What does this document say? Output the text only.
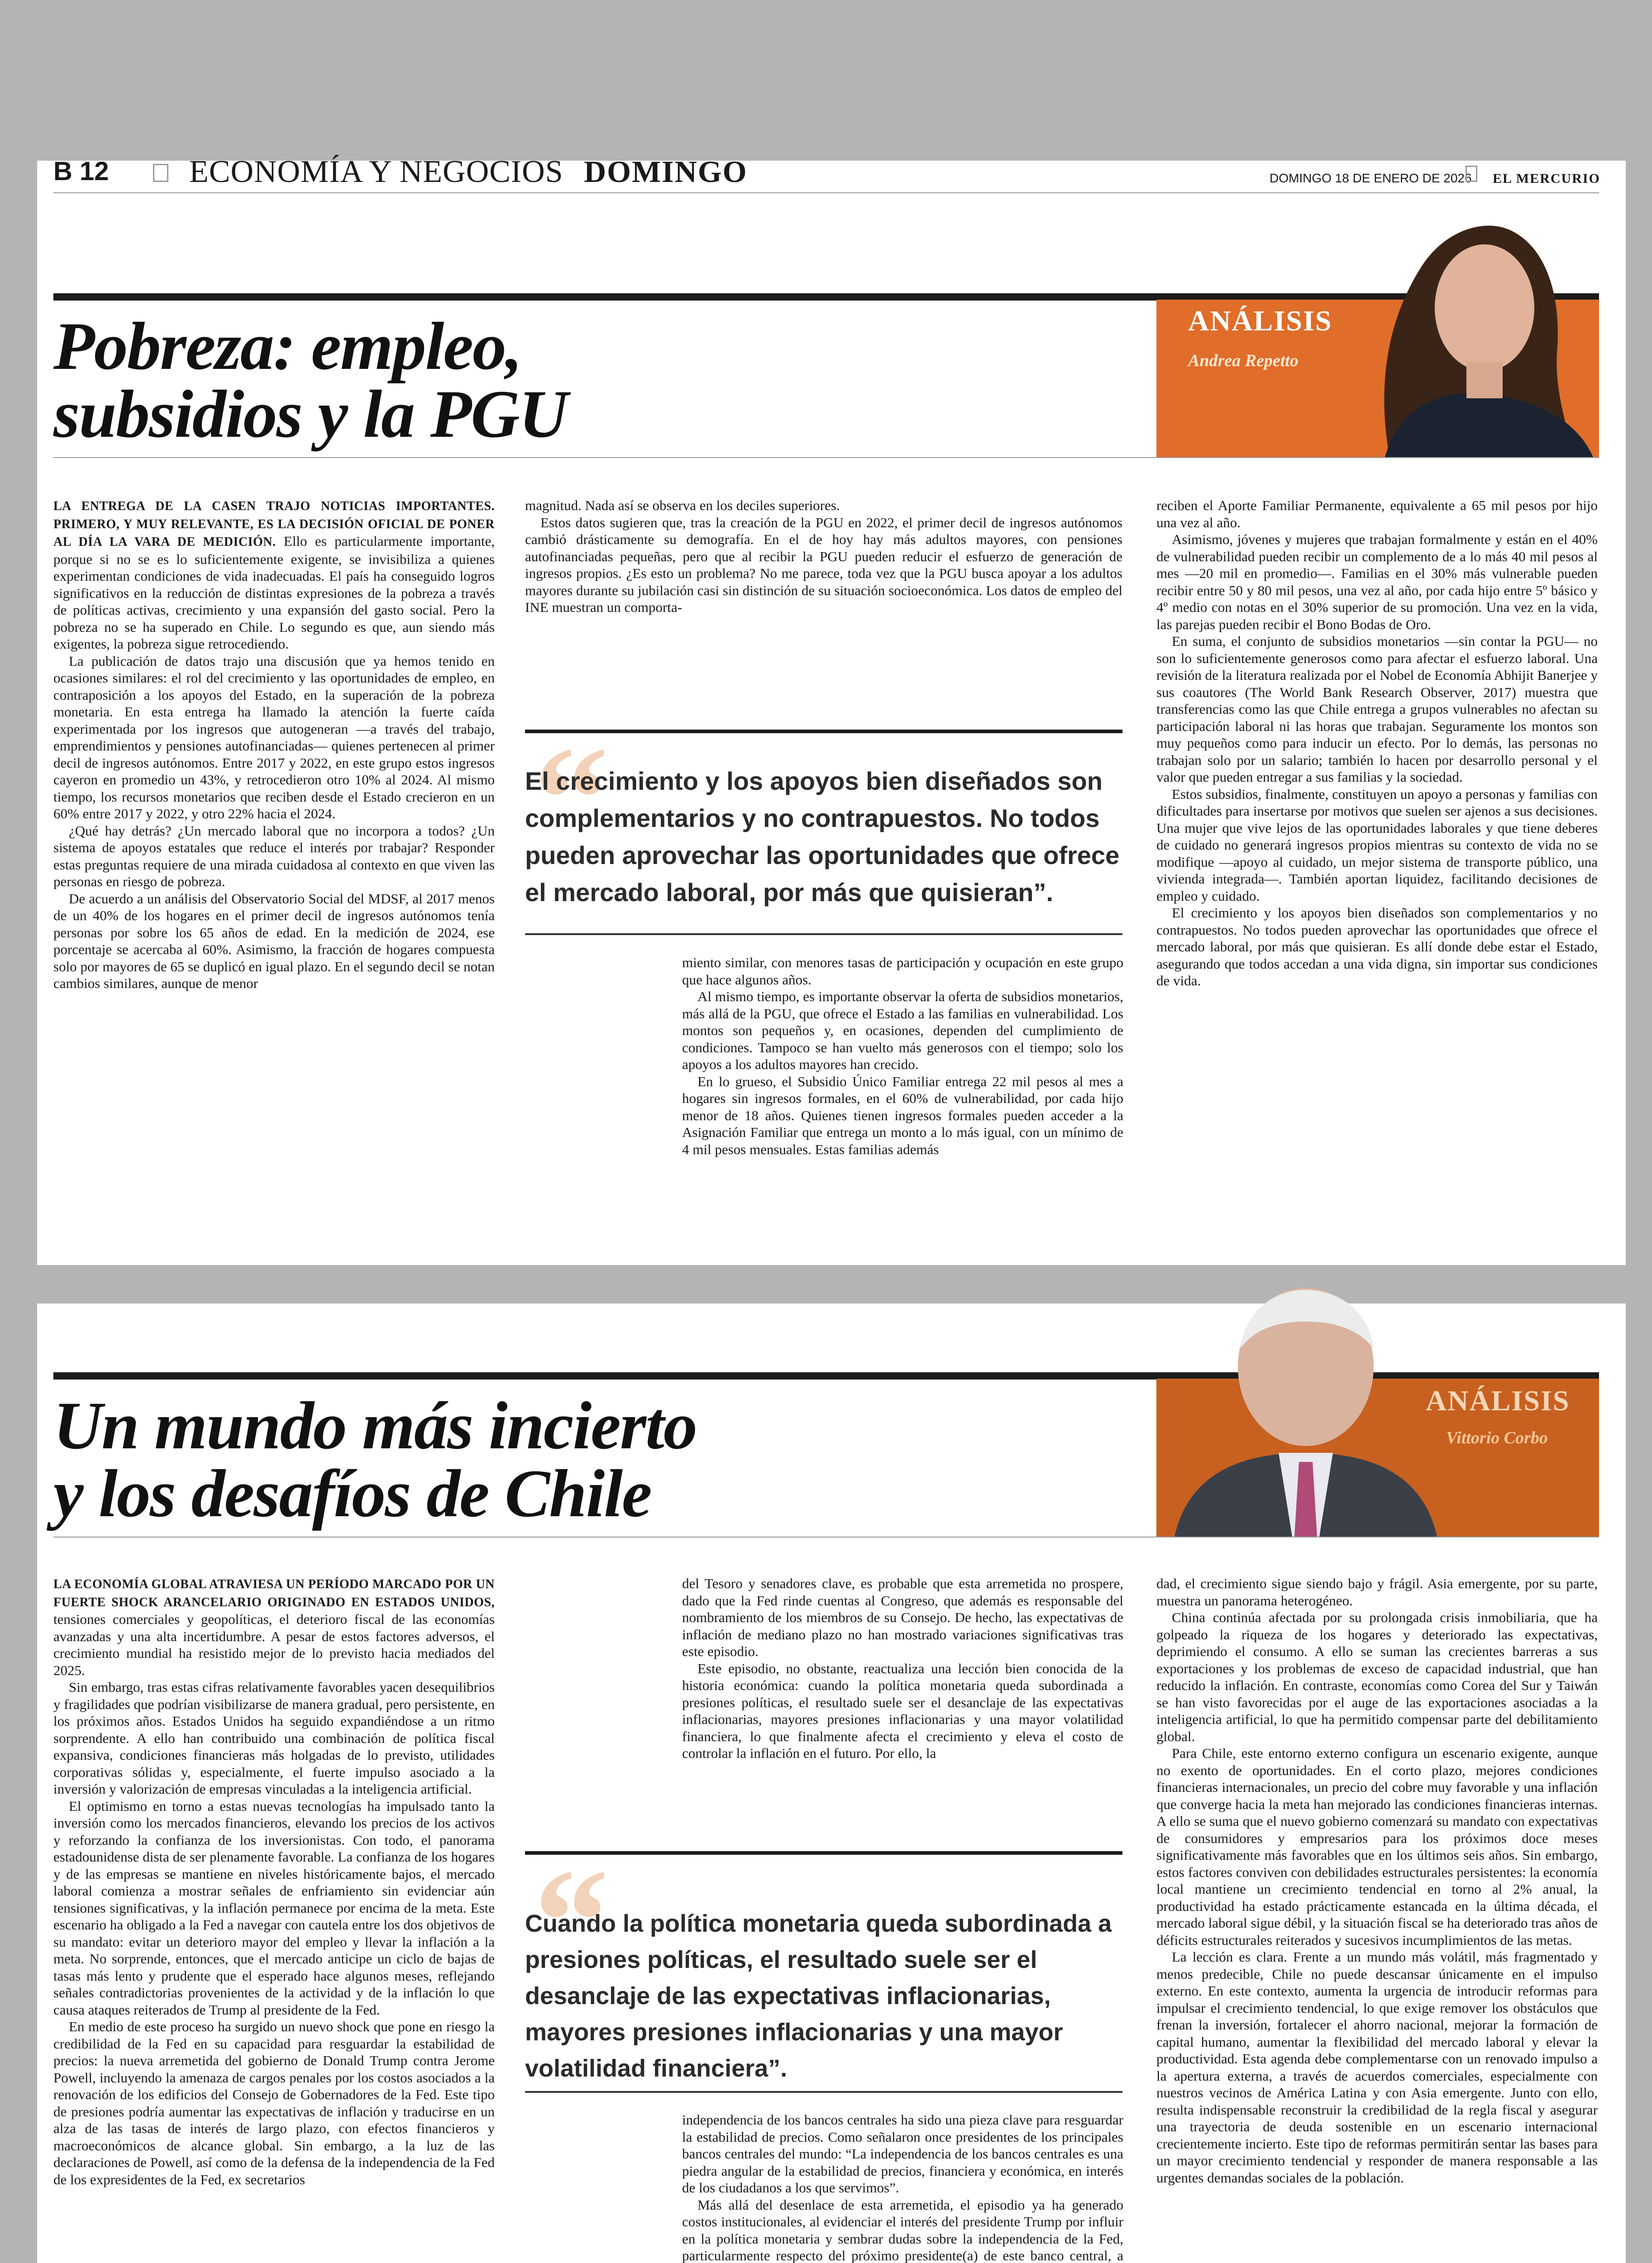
B 12	ECONOMÍA Y NEGOCIOS DOMINGO	DOMINGO 18 DE ENERO DE 2026 EL MERCURIO
Pobreza: empleo,
subsidios y la PGU
ANÁLISIS
Andrea Repetto

LA ENTREGA DE LA CASEN TRAJO NOTICIAS IMPORTANTES. PRIMERO, Y MUY RELEVANTE, ES LA DECISIÓN OFICIAL DE PONER AL DÍA LA VARA DE MEDICIÓN. Ello es particularmente importante, porque si no se es lo suficientemente exigente, se invisibiliza a quienes experimentan condiciones de vida inadecuadas. El país ha conseguido logros significativos en la reducción de distintas expresiones de la pobreza a través de políticas activas, crecimiento y una expansión del gasto social. Pero la pobreza no se ha superado en Chile. Lo segundo es que, aun siendo más exigentes, la pobreza sigue retrocediendo.

La publicación de datos trajo una discusión que ya hemos tenido en ocasiones similares: el rol del crecimiento y las oportunidades de empleo, en contraposición a los apoyos del Estado, en la superación de la pobreza monetaria. En esta entrega ha llamado la atención la fuerte caída experimentada por los ingresos que autogeneran —a través del trabajo, emprendimientos y pensiones autofinanciadas— quienes pertenecen al primer decil de ingresos autónomos. Entre 2017 y 2022, en este grupo estos ingresos cayeron en promedio un 43%, y retrocedieron otro 10% al 2024. Al mismo tiempo, los recursos monetarios que reciben desde el Estado crecieron en un 60% entre 2017 y 2022, y otro 22% hacia el 2024.

¿Qué hay detrás? ¿Un mercado laboral que no incorpora a todos? ¿Un sistema de apoyos estatales que reduce el interés por trabajar? Responder estas preguntas requiere de una mirada cuidadosa al contexto en que viven las personas en riesgo de pobreza.

De acuerdo a un análisis del Observatorio Social del MDSF, al 2017 menos de un 40% de los hogares en el primer decil de ingresos autónomos tenía personas por sobre los 65 años de edad. En la medición de 2024, ese porcentaje se acercaba al 60%. Asimismo, la fracción de hogares compuesta solo por mayores de 65 se duplicó en igual plazo. En el segundo decil se notan cambios similares, aunque de menor

magnitud. Nada así se observa en los deciles superiores.

Estos datos sugieren que, tras la creación de la PGU en 2022, el primer decil de ingresos autónomos cambió drásticamente su demografía. En el de hoy hay más adultos mayores, con pensiones autofinanciadas pequeñas, pero que al recibir la PGU pueden reducir el esfuerzo de generación de ingresos propios. ¿Es esto un problema? No me parece, toda vez que la PGU busca apoyar a los adultos mayores durante su jubilación casi sin distinción de su situación socioeconómica. Los datos de empleo del INE muestran un comporta-

“
El crecimiento y los apoyos bien diseñados son complementarios y no contrapuestos. No todos pueden aprovechar las oportunidades que ofrece el mercado laboral, por más que quisieran”.

miento similar, con menores tasas de participación y ocupación en este grupo que hace algunos años.

Al mismo tiempo, es importante observar la oferta de subsidios monetarios, más allá de la PGU, que ofrece el Estado a las familias en vulnerabilidad. Los montos son pequeños y, en ocasiones, dependen del cumplimiento de condiciones. Tampoco se han vuelto más generosos con el tiempo; solo los apoyos a los adultos mayores han crecido.

En lo grueso, el Subsidio Único Familiar entrega 22 mil pesos al mes a hogares sin ingresos formales, en el 60% de vulnerabilidad, por cada hijo menor de 18 años. Quienes tienen ingresos formales pueden acceder a la Asignación Familiar que entrega un monto a lo más igual, con un mínimo de 4 mil pesos mensuales. Estas familias además

reciben el Aporte Familiar Permanente, equivalente a 65 mil pesos por hijo una vez al año.

Asimismo, jóvenes y mujeres que trabajan formalmente y están en el 40% de vulnerabilidad pueden recibir un complemento de a lo más 40 mil pesos al mes —20 mil en promedio—. Familias en el 30% más vulnerable pueden recibir entre 50 y 80 mil pesos, una vez al año, por cada hijo entre 5º básico y 4º medio con notas en el 30% superior de su promoción. Una vez en la vida, las parejas pueden recibir el Bono Bodas de Oro.

En suma, el conjunto de subsidios monetarios —sin contar la PGU— no son lo suficientemente generosos como para afectar el esfuerzo laboral. Una revisión de la literatura realizada por el Nobel de Economía Abhijit Banerjee y sus coautores (The World Bank Research Observer, 2017) muestra que transferencias como las que Chile entrega a grupos vulnerables no afectan su participación laboral ni las horas que trabajan. Seguramente los montos son muy pequeños como para inducir un efecto. Por lo demás, las personas no trabajan solo por un salario; también lo hacen por desarrollo personal y el valor que pueden entregar a sus familias y la sociedad.

Estos subsidios, finalmente, constituyen un apoyo a personas y familias con dificultades para insertarse por motivos que suelen ser ajenos a sus decisiones. Una mujer que vive lejos de las oportunidades laborales y que tiene deberes de cuidado no generará ingresos propios mientras su contexto de vida no se modifique —apoyo al cuidado, un mejor sistema de transporte público, una vivienda integrada—. También aportan liquidez, facilitando decisiones de empleo y cuidado.

El crecimiento y los apoyos bien diseñados son complementarios y no contrapuestos. No todos pueden aprovechar las oportunidades que ofrece el mercado laboral, por más que quisieran. Es allí donde debe estar el Estado, asegurando que todos accedan a una vida digna, sin importar sus condiciones de vida.

Un mundo más incierto
y los desafíos de Chile
ANÁLISIS
Vittorio Corbo

LA ECONOMÍA GLOBAL ATRAVIESA UN PERÍODO MARCADO POR UN FUERTE SHOCK ARANCELARIO ORIGINADO EN ESTADOS UNIDOS, tensiones comerciales y geopolíticas, el deterioro fiscal de las economías avanzadas y una alta incertidumbre. A pesar de estos factores adversos, el crecimiento mundial ha resistido mejor de lo previsto hacia mediados del 2025.

Sin embargo, tras estas cifras relativamente favorables yacen desequilibrios y fragilidades que podrían visibilizarse de manera gradual, pero persistente, en los próximos años. Estados Unidos ha seguido expandiéndose a un ritmo sorprendente. A ello han contribuido una combinación de política fiscal expansiva, condiciones financieras más holgadas de lo previsto, utilidades corporativas sólidas y, especialmente, el fuerte impulso asociado a la inversión y valorización de empresas vinculadas a la inteligencia artificial.

El optimismo en torno a estas nuevas tecnologías ha impulsado tanto la inversión como los mercados financieros, elevando los precios de los activos y reforzando la confianza de los inversionistas. Con todo, el panorama estadounidense dista de ser plenamente favorable. La confianza de los hogares y de las empresas se mantiene en niveles históricamente bajos, el mercado laboral comienza a mostrar señales de enfriamiento sin evidenciar aún tensiones significativas, y la inflación permanece por encima de la meta. Este escenario ha obligado a la Fed a navegar con cautela entre los dos objetivos de su mandato: evitar un deterioro mayor del empleo y llevar la inflación a la meta. No sorprende, entonces, que el mercado anticipe un ciclo de bajas de tasas más lento y prudente que el esperado hace algunos meses, reflejando señales contradictorias provenientes de la actividad y de la inflación lo que causa ataques reiterados de Trump al presidente de la Fed.

En medio de este proceso ha surgido un nuevo shock que pone en riesgo la credibilidad de la Fed en su capacidad para resguardar la estabilidad de precios: la nueva arremetida del gobierno de Donald Trump contra Jerome Powell, incluyendo la amenaza de cargos penales por los costos asociados a la renovación de los edificios del Consejo de Gobernadores de la Fed. Este tipo de presiones podría aumentar las expectativas de inflación y traducirse en un alza de las tasas de interés de largo plazo, con efectos financieros y macroeconómicos de alcance global. Sin embargo, a la luz de las declaraciones de Powell, así como de la defensa de la independencia de la Fed de los expresidentes de la Fed, ex secretarios

del Tesoro y senadores clave, es probable que esta arremetida no prospere, dado que la Fed rinde cuentas al Congreso, que además es responsable del nombramiento de los miembros de su Consejo. De hecho, las expectativas de inflación de mediano plazo no han mostrado variaciones significativas tras este episodio.

Este episodio, no obstante, reactualiza una lección bien conocida de la historia económica: cuando la política monetaria queda subordinada a presiones políticas, el resultado suele ser el desanclaje de las expectativas inflacionarias, mayores presiones inflacionarias y una mayor volatilidad financiera, lo que finalmente afecta el crecimiento y eleva el costo de controlar la inflación en el futuro. Por ello, la

“
Cuando la política monetaria queda subordinada a presiones políticas, el resultado suele ser el desanclaje de las expectativas inflacionarias, mayores presiones inflacionarias y una mayor volatilidad financiera”.

independencia de los bancos centrales ha sido una pieza clave para resguardar la estabilidad de precios. Como señalaron once presidentes de los principales bancos centrales del mundo: “La independencia de los bancos centrales es una piedra angular de la estabilidad de precios, financiera y económica, en interés de los ciudadanos a los que servimos”.

Más allá del desenlace de esta arremetida, el episodio ya ha generado costos institucionales, al evidenciar el interés del presidente Trump por influir en la política monetaria y sembrar dudas sobre la independencia de la Fed, particularmente respecto del próximo presidente(a) de este banco central, a

dad, el crecimiento sigue siendo bajo y frágil. Asia emergente, por su parte, muestra un panorama heterogéneo.

China continúa afectada por su prolongada crisis inmobiliaria, que ha golpeado la riqueza de los hogares y deteriorado las expectativas, deprimiendo el consumo. A ello se suman las crecientes barreras a sus exportaciones y los problemas de exceso de capacidad industrial, que han reducido la inflación. En contraste, economías como Corea del Sur y Taiwán se han visto favorecidas por el auge de las exportaciones asociadas a la inteligencia artificial, lo que ha permitido compensar parte del debilitamiento global.

Para Chile, este entorno externo configura un escenario exigente, aunque no exento de oportunidades. En el corto plazo, mejores condiciones financieras internacionales, un precio del cobre muy favorable y una inflación que converge hacia la meta han mejorado las condiciones financieras internas. A ello se suma que el nuevo gobierno comenzará su mandato con expectativas de consumidores y empresarios para los próximos doce meses significativamente más favorables que en los últimos seis años. Sin embargo, estos factores conviven con debilidades estructurales persistentes: la economía local mantiene un crecimiento tendencial en torno al 2% anual, la productividad ha estado prácticamente estancada en la última década, el mercado laboral sigue débil, y la situación fiscal se ha deteriorado tras años de déficits estructurales reiterados y sucesivos incumplimientos de las metas.

La lección es clara. Frente a un mundo más volátil, más fragmentado y menos predecible, Chile no puede descansar únicamente en el impulso externo. En este contexto, aumenta la urgencia de introducir reformas para impulsar el crecimiento tendencial, lo que exige remover los obstáculos que frenan la inversión, fortalecer el ahorro nacional, mejorar la formación de capital humano, aumentar la flexibilidad del mercado laboral y elevar la productividad. Esta agenda debe complementarse con un renovado impulso a la apertura externa, a través de acuerdos comerciales, especialmente con nuestros vecinos de América Latina y con Asia emergente. Junto con ello, resulta indispensable reconstruir la credibilidad de la regla fiscal y asegurar una trayectoria de deuda sostenible en un escenario internacional crecientemente incierto. Este tipo de reformas permitirán sentar las bases para un mayor crecimiento tendencial y responder de manera responsable a las urgentes demandas sociales de la población.
